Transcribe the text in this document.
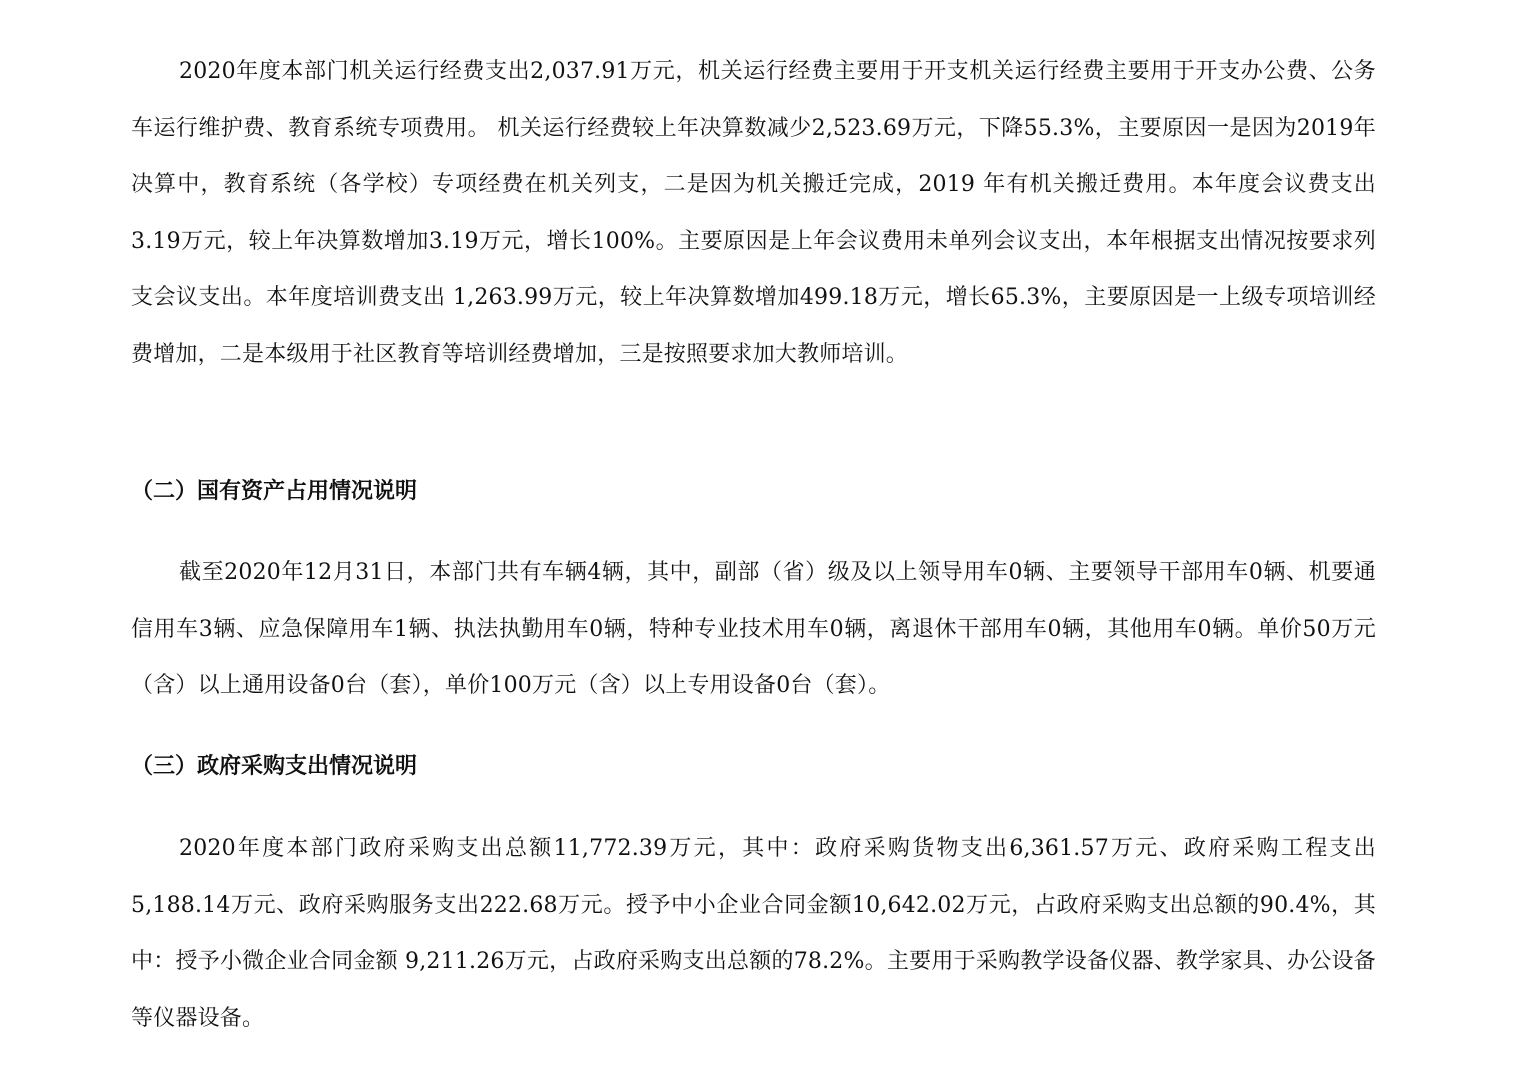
2020年度本部门机关运行经费支出2,037.91万元，机关运行经费主要用于开支机关运行经费主要用于开支办公费、公务车运行维护费、教育系统专项费用。 机关运行经费较上年决算数减少2,523.69万元，下降55.3%，主要原因一是因为2019年决算中，教育系统（各学校）专项经费在机关列支，二是因为机关搬迁完成，2019 年有机关搬迁费用。本年度会议费支出3.19万元，较上年决算数增加3.19万元，增长100%。主要原因是上年会议费用未单列会议支出，本年根据支出情况按要求列支会议支出。本年度培训费支出 1,263.99万元，较上年决算数增加499.18万元，增长65.3%，主要原因是一上级专项培训经费增加，二是本级用于社区教育等培训经费增加，三是按照要求加大教师培训。

（二）国有资产占用情况说明

截至2020年12月31日，本部门共有车辆4辆，其中，副部（省）级及以上领导用车0辆、主要领导干部用车0辆、机要通信用车3辆、应急保障用车1辆、执法执勤用车0辆，特种专业技术用车0辆，离退休干部用车0辆，其他用车0辆。单价50万元（含）以上通用设备0台（套），单价100万元（含）以上专用设备0台（套）。

（三）政府采购支出情况说明

2020年度本部门政府采购支出总额11,772.39万元，其中：政府采购货物支出6,361.57万元、政府采购工程支出5,188.14万元、政府采购服务支出222.68万元。授予中小企业合同金额10,642.02万元，占政府采购支出总额的90.4%，其中：授予小微企业合同金额 9,211.26万元，占政府采购支出总额的78.2%。主要用于采购教学设备仪器、教学家具、办公设备等仪器设备。
